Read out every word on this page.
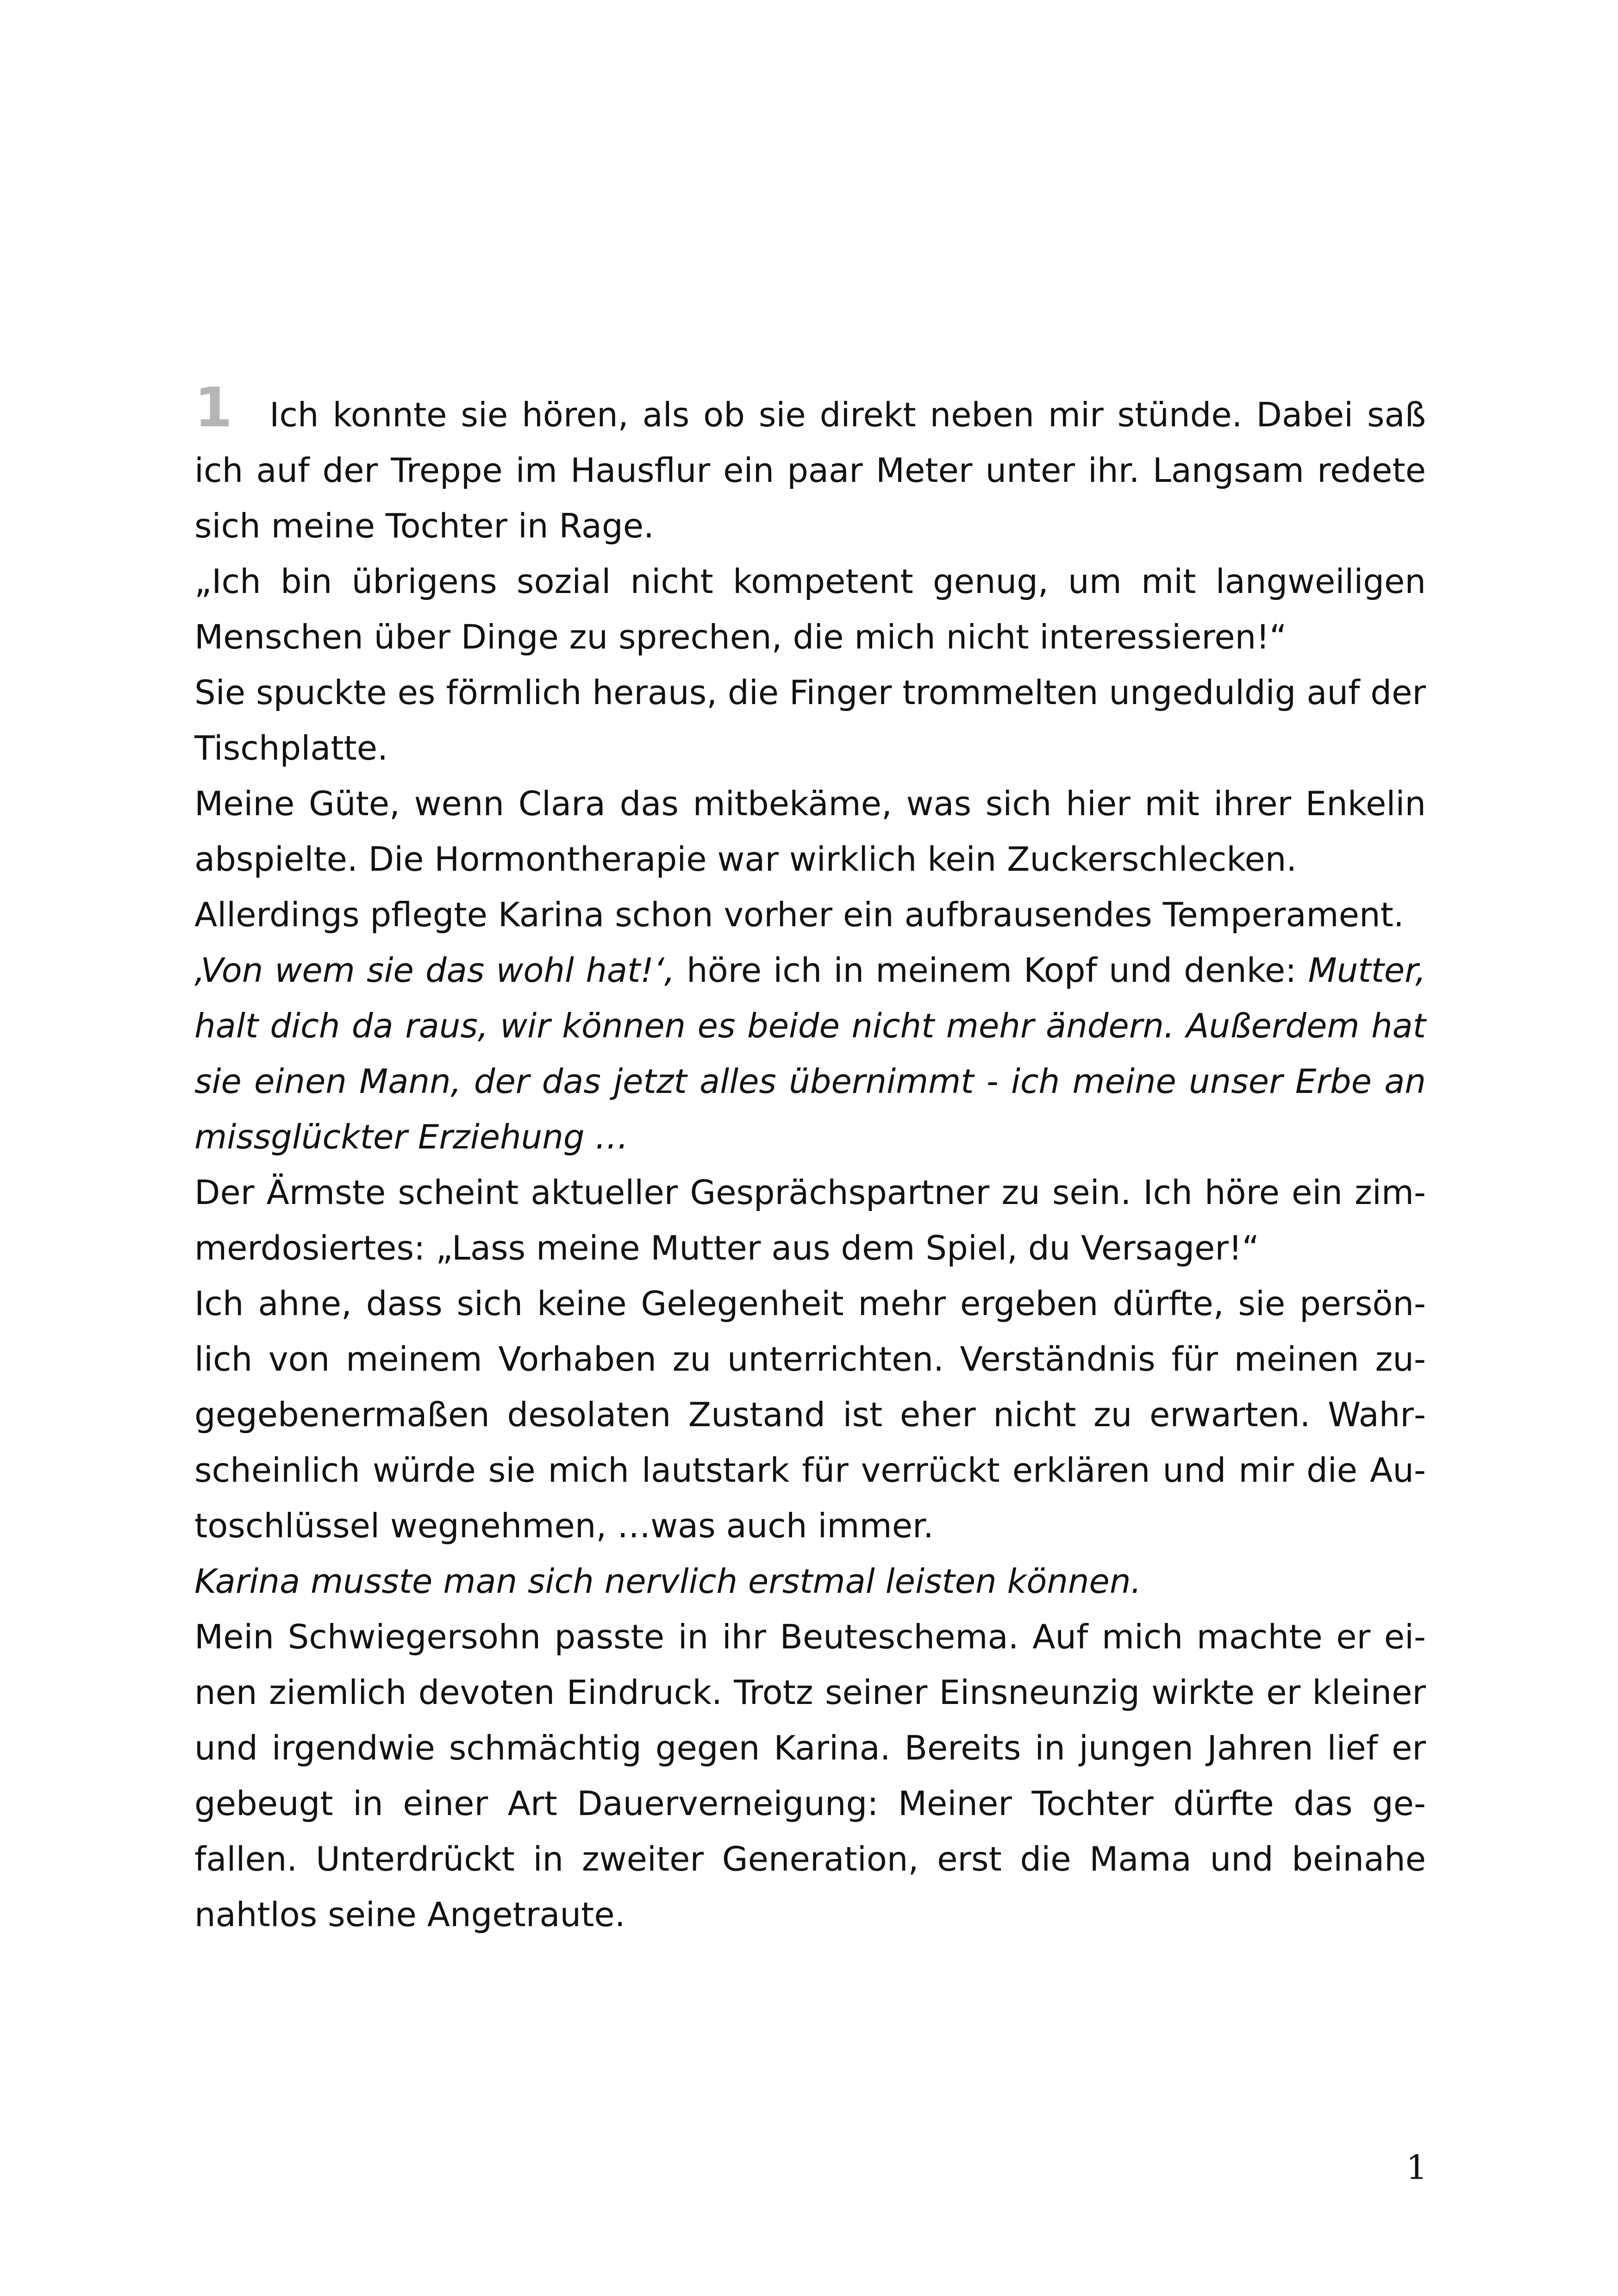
1 Ich konnte sie hören, als ob sie direkt neben mir stünde. Dabei saß ich auf der Treppe im Hausflur ein paar Meter unter ihr. Langsam redete sich meine Tochter in Rage.

„Ich bin übrigens sozial nicht kompetent genug, um mit langweiligen Menschen über Dinge zu sprechen, die mich nicht interessieren!“

Sie spuckte es förmlich heraus, die Finger trommelten ungeduldig auf der Tischplatte.

Meine Güte, wenn Clara das mitbekäme, was sich hier mit ihrer Enkelin abspielte. Die Hormontherapie war wirklich kein Zuckerschlecken.

Allerdings pflegte Karina schon vorher ein aufbrausendes Temperament.

‚Von wem sie das wohl hat!‘, höre ich in meinem Kopf und denke: Mutter, halt dich da raus, wir können es beide nicht mehr ändern. Außerdem hat sie einen Mann, der das jetzt alles übernimmt - ich meine unser Erbe an missglückter Erziehung …

Der Ärmste scheint aktueller Gesprächspartner zu sein. Ich höre ein zimmerdosiertes: „Lass meine Mutter aus dem Spiel, du Versager!“

Ich ahne, dass sich keine Gelegenheit mehr ergeben dürfte, sie persönlich von meinem Vorhaben zu unterrichten. Verständnis für meinen zugegebenermaßen desolaten Zustand ist eher nicht zu erwarten. Wahrscheinlich würde sie mich lautstark für verrückt erklären und mir die Autoschlüssel wegnehmen, …was auch immer.

Karina musste man sich nervlich erstmal leisten können.

Mein Schwiegersohn passte in ihr Beuteschema. Auf mich machte er einen ziemlich devoten Eindruck. Trotz seiner Einsneunzig wirkte er kleiner und irgendwie schmächtig gegen Karina. Bereits in jungen Jahren lief er gebeugt in einer Art Dauerverneigung: Meiner Tochter dürfte das gefallen. Unterdrückt in zweiter Generation, erst die Mama und beinahe nahtlos seine Angetraute.

1
